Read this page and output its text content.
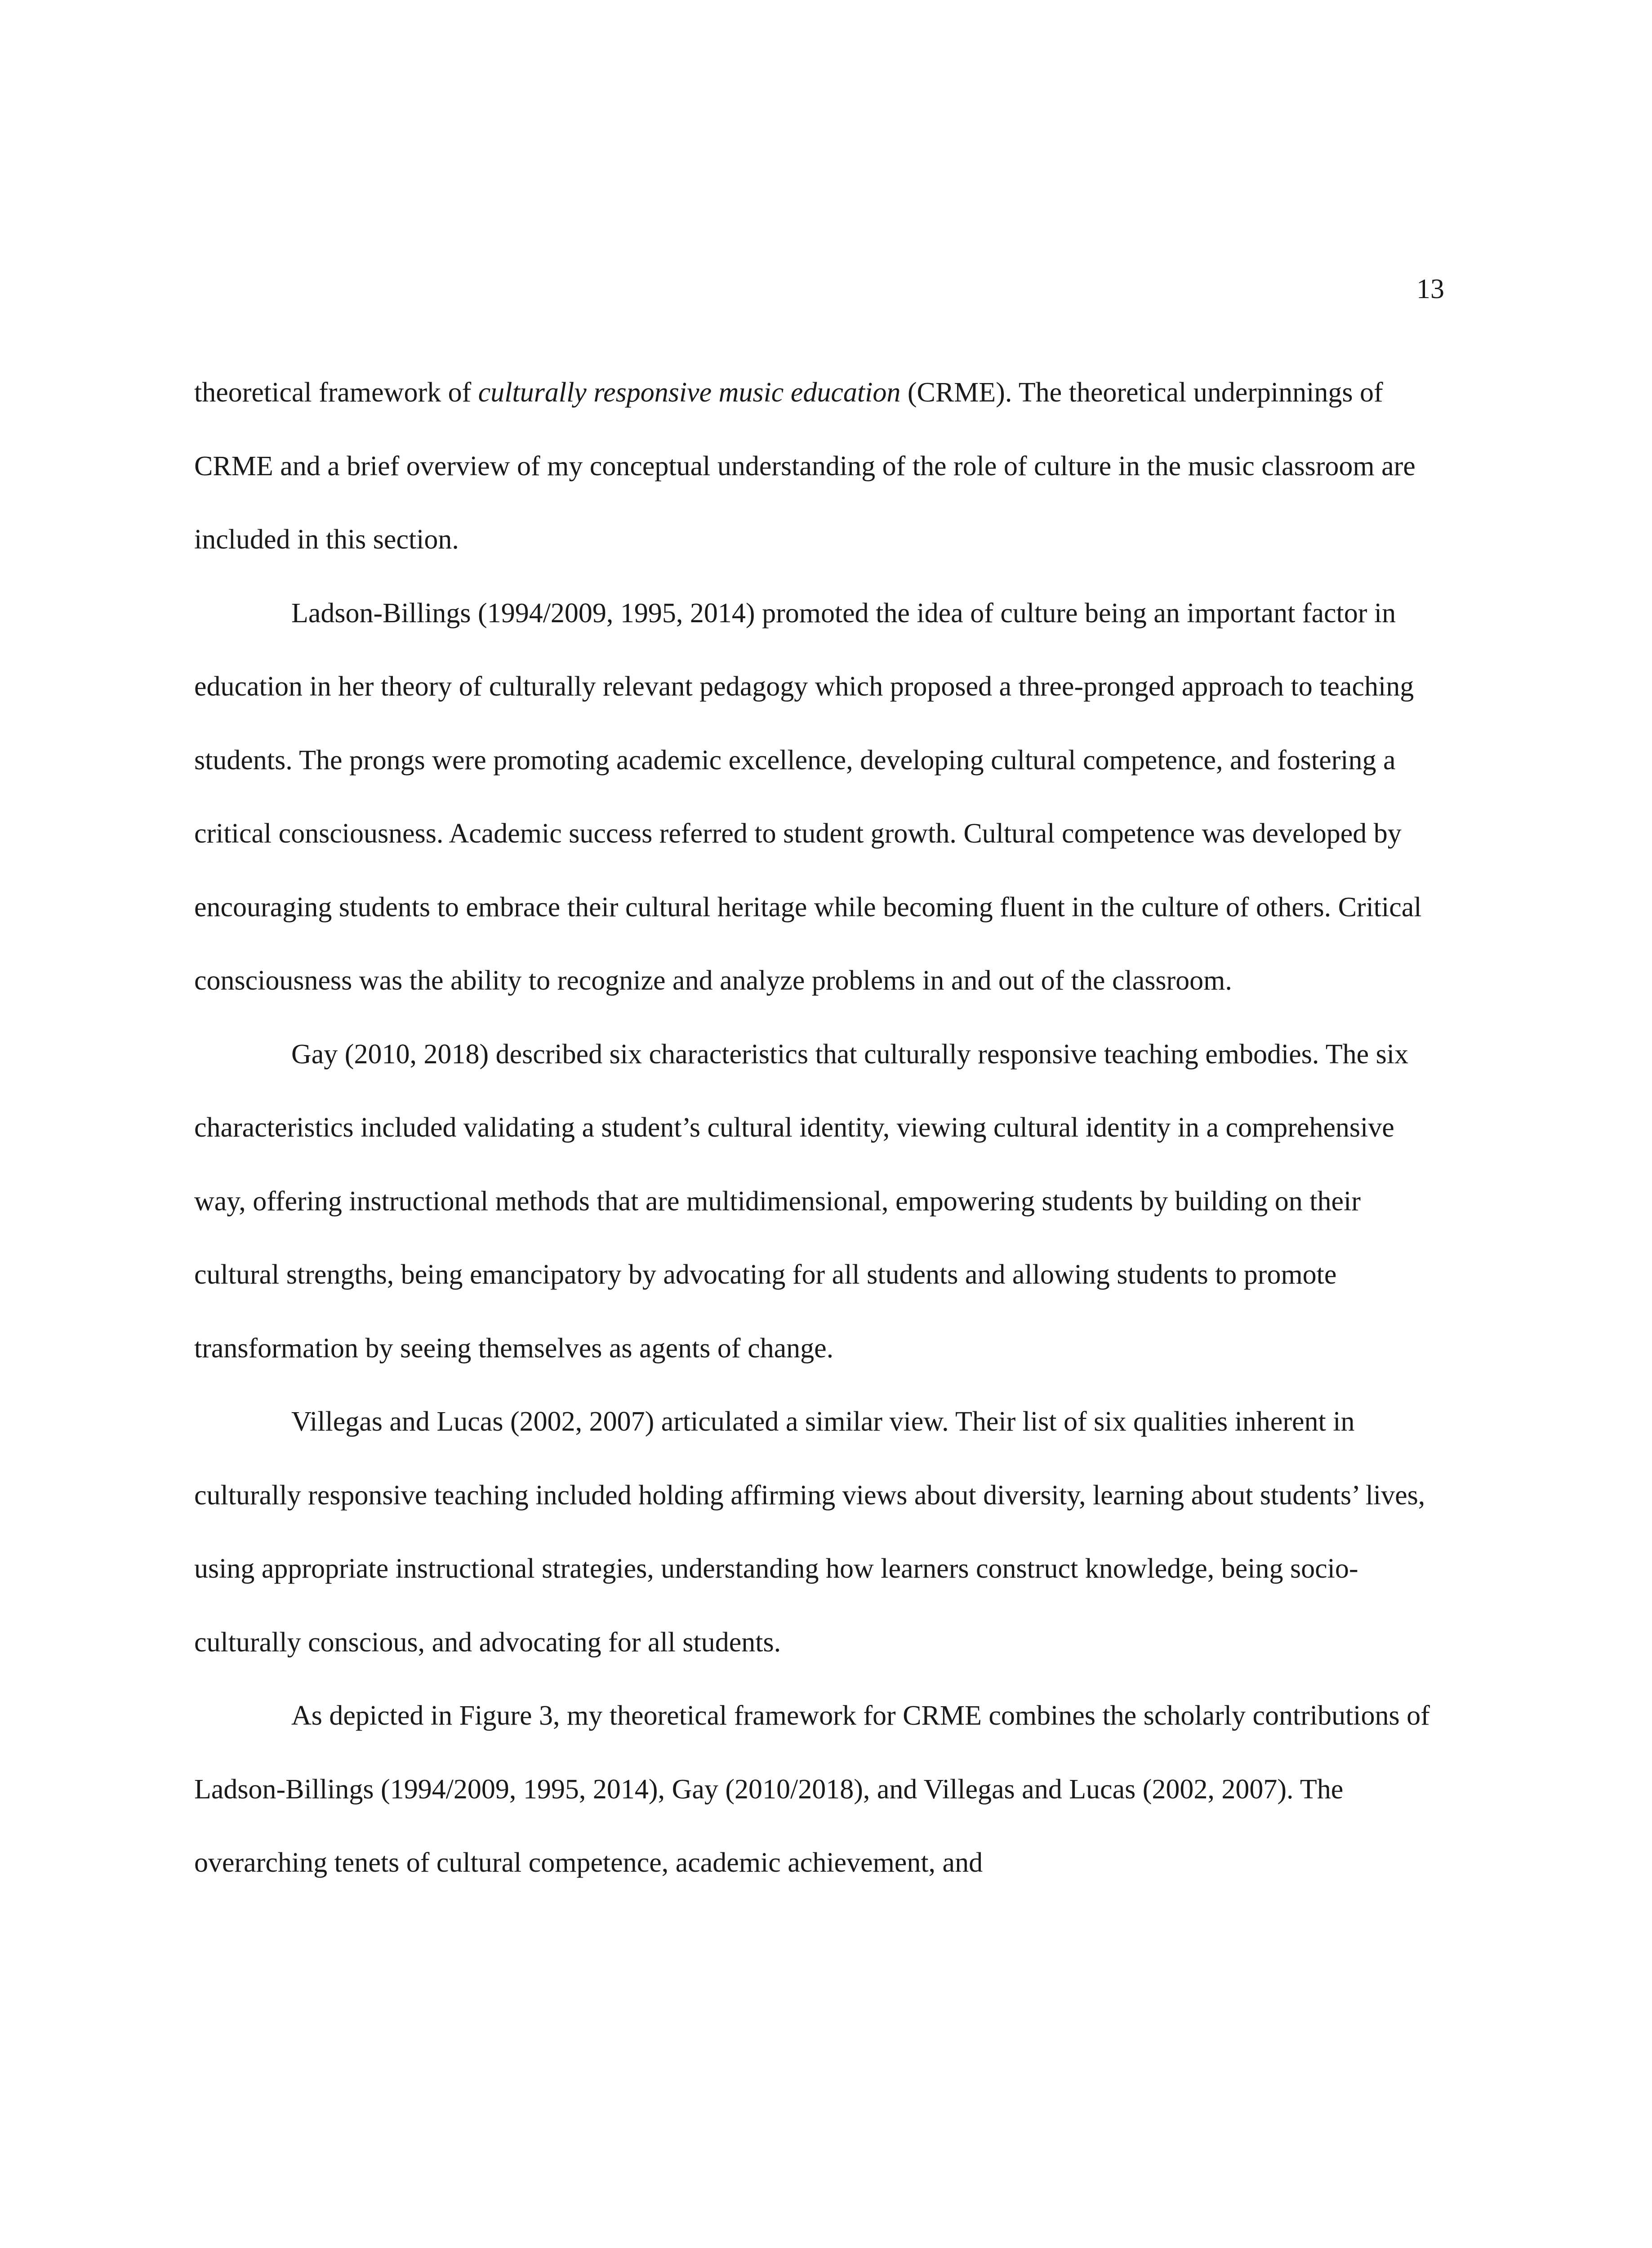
13

theoretical framework of culturally responsive music education (CRME). The theoretical underpinnings of CRME and a brief overview of my conceptual understanding of the role of culture in the music classroom are included in this section.

Ladson-Billings (1994/2009, 1995, 2014) promoted the idea of culture being an important factor in education in her theory of culturally relevant pedagogy which proposed a three-pronged approach to teaching students. The prongs were promoting academic excellence, developing cultural competence, and fostering a critical consciousness. Academic success referred to student growth. Cultural competence was developed by encouraging students to embrace their cultural heritage while becoming fluent in the culture of others. Critical consciousness was the ability to recognize and analyze problems in and out of the classroom.

Gay (2010, 2018) described six characteristics that culturally responsive teaching embodies. The six characteristics included validating a student’s cultural identity, viewing cultural identity in a comprehensive way, offering instructional methods that are multidimensional, empowering students by building on their cultural strengths, being emancipatory by advocating for all students and allowing students to promote transformation by seeing themselves as agents of change.

Villegas and Lucas (2002, 2007) articulated a similar view. Their list of six qualities inherent in culturally responsive teaching included holding affirming views about diversity, learning about students’ lives, using appropriate instructional strategies, understanding how learners construct knowledge, being socio-culturally conscious, and advocating for all students.

As depicted in Figure 3, my theoretical framework for CRME combines the scholarly contributions of Ladson-Billings (1994/2009, 1995, 2014), Gay (2010/2018), and Villegas and Lucas (2002, 2007). The overarching tenets of cultural competence, academic achievement, and
